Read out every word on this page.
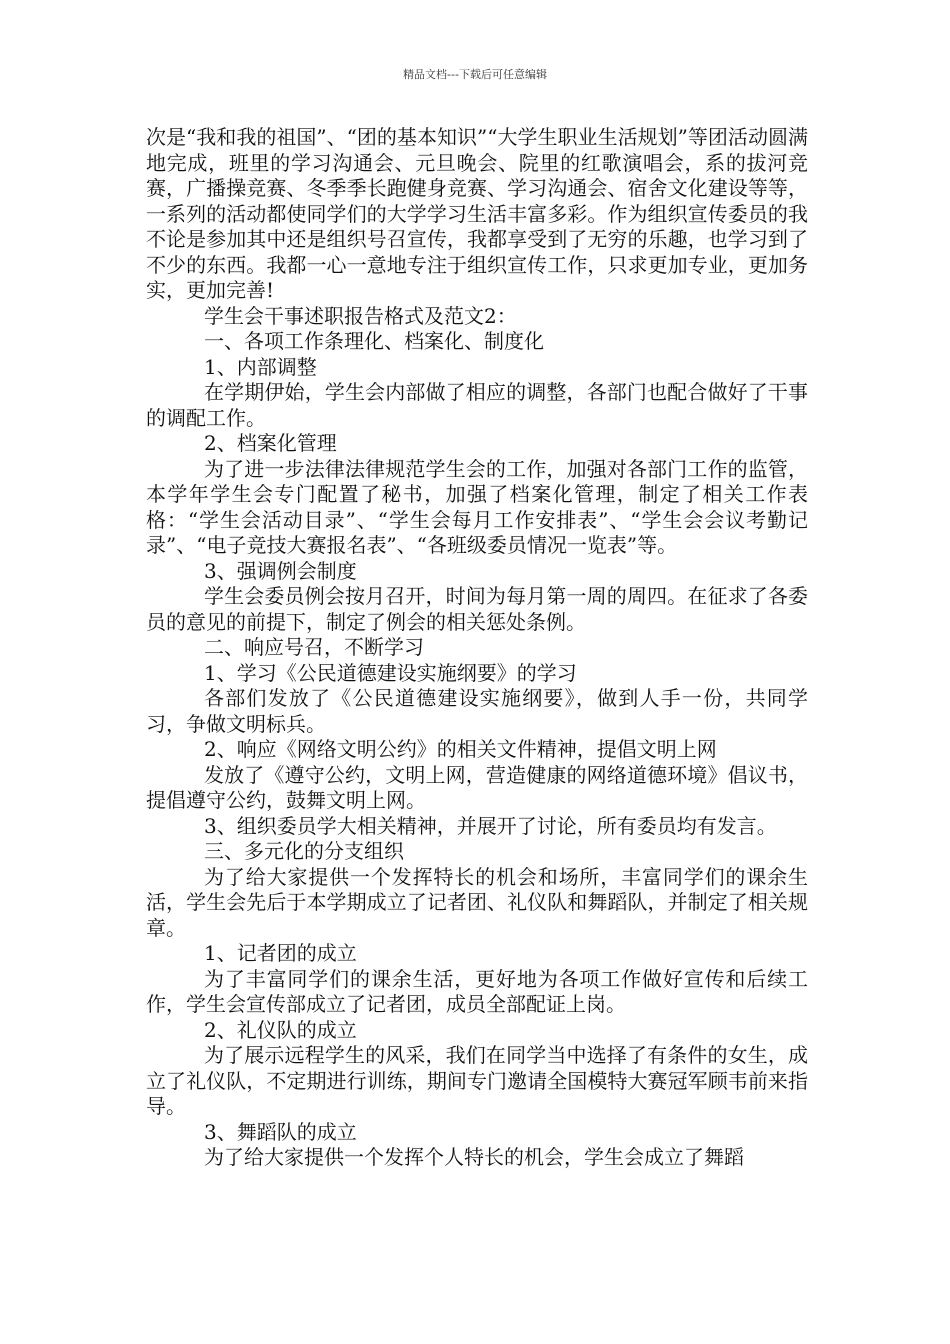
精品文档---下载后可任意编辑

次是“我和我的祖国”、“团的基本知识”“大学生职业生活规划”等团活动圆满地完成，班里的学习沟通会、元旦晚会、院里的红歌演唱会，系的拔河竞赛，广播操竞赛、冬季季长跑健身竞赛、学习沟通会、宿舍文化建设等等，一系列的活动都使同学们的大学学习生活丰富多彩。作为组织宣传委员的我不论是参加其中还是组织号召宣传，我都享受到了无穷的乐趣，也学习到了不少的东西。我都一心一意地专注于组织宣传工作，只求更加专业，更加务实，更加完善!

学生会干事述职报告格式及范文2：

一、各项工作条理化、档案化、制度化

1、内部调整

在学期伊始，学生会内部做了相应的调整，各部门也配合做好了干事的调配工作。

2、档案化管理

为了进一步法律法律规范学生会的工作，加强对各部门工作的监管，本学年学生会专门配置了秘书，加强了档案化管理，制定了相关工作表格：“学生会活动目录”、“学生会每月工作安排表”、“学生会会议考勤记录”、“电子竞技大赛报名表”、“各班级委员情况一览表”等。

3、强调例会制度

学生会委员例会按月召开，时间为每月第一周的周四。在征求了各委员的意见的前提下，制定了例会的相关惩处条例。

二、响应号召，不断学习

1、学习《公民道德建设实施纲要》的学习

各部们发放了《公民道德建设实施纲要》，做到人手一份，共同学习，争做文明标兵。

2、响应《网络文明公约》的相关文件精神，提倡文明上网

发放了《遵守公约，文明上网，营造健康的网络道德环境》倡议书，提倡遵守公约，鼓舞文明上网。

3、组织委员学大相关精神，并展开了讨论，所有委员均有发言。

三、多元化的分支组织

为了给大家提供一个发挥特长的机会和场所，丰富同学们的课余生活，学生会先后于本学期成立了记者团、礼仪队和舞蹈队，并制定了相关规章。

1、记者团的成立

为了丰富同学们的课余生活，更好地为各项工作做好宣传和后续工作，学生会宣传部成立了记者团，成员全部配证上岗。

2、礼仪队的成立

为了展示远程学生的风采，我们在同学当中选择了有条件的女生，成立了礼仪队，不定期进行训练，期间专门邀请全国模特大赛冠军顾韦前来指导。

3、舞蹈队的成立

为了给大家提供一个发挥个人特长的机会，学生会成立了舞蹈
